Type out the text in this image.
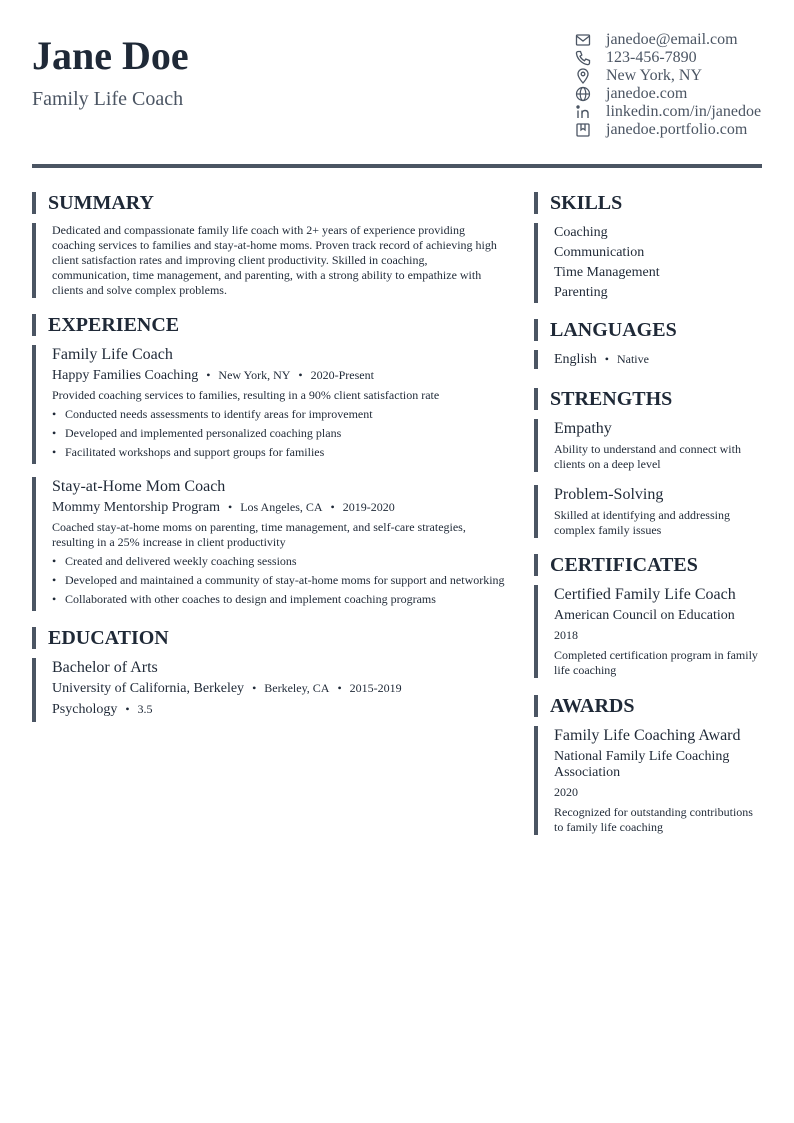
Jane Doe
Family Life Coach
janedoe@email.com
123-456-7890
New York, NY
janedoe.com
linkedin.com/in/janedoe
janedoe.portfolio.com
SUMMARY
Dedicated and compassionate family life coach with 2+ years of experience providing coaching services to families and stay-at-home moms. Proven track record of achieving high client satisfaction rates and improving client productivity. Skilled in coaching, communication, time management, and parenting, with a strong ability to empathize with clients and solve complex problems.
EXPERIENCE
Family Life Coach
Happy Families Coaching • New York, NY • 2020-Present
Provided coaching services to families, resulting in a 90% client satisfaction rate
• Conducted needs assessments to identify areas for improvement
• Developed and implemented personalized coaching plans
• Facilitated workshops and support groups for families
Stay-at-Home Mom Coach
Mommy Mentorship Program • Los Angeles, CA • 2019-2020
Coached stay-at-home moms on parenting, time management, and self-care strategies, resulting in a 25% increase in client productivity
• Created and delivered weekly coaching sessions
• Developed and maintained a community of stay-at-home moms for support and networking
• Collaborated with other coaches to design and implement coaching programs
EDUCATION
Bachelor of Arts
University of California, Berkeley • Berkeley, CA • 2015-2019
Psychology • 3.5
SKILLS
Coaching
Communication
Time Management
Parenting
LANGUAGES
English • Native
STRENGTHS
Empathy
Ability to understand and connect with clients on a deep level
Problem-Solving
Skilled at identifying and addressing complex family issues
CERTIFICATES
Certified Family Life Coach
American Council on Education
2018
Completed certification program in family life coaching
AWARDS
Family Life Coaching Award
National Family Life Coaching Association
2020
Recognized for outstanding contributions to family life coaching
